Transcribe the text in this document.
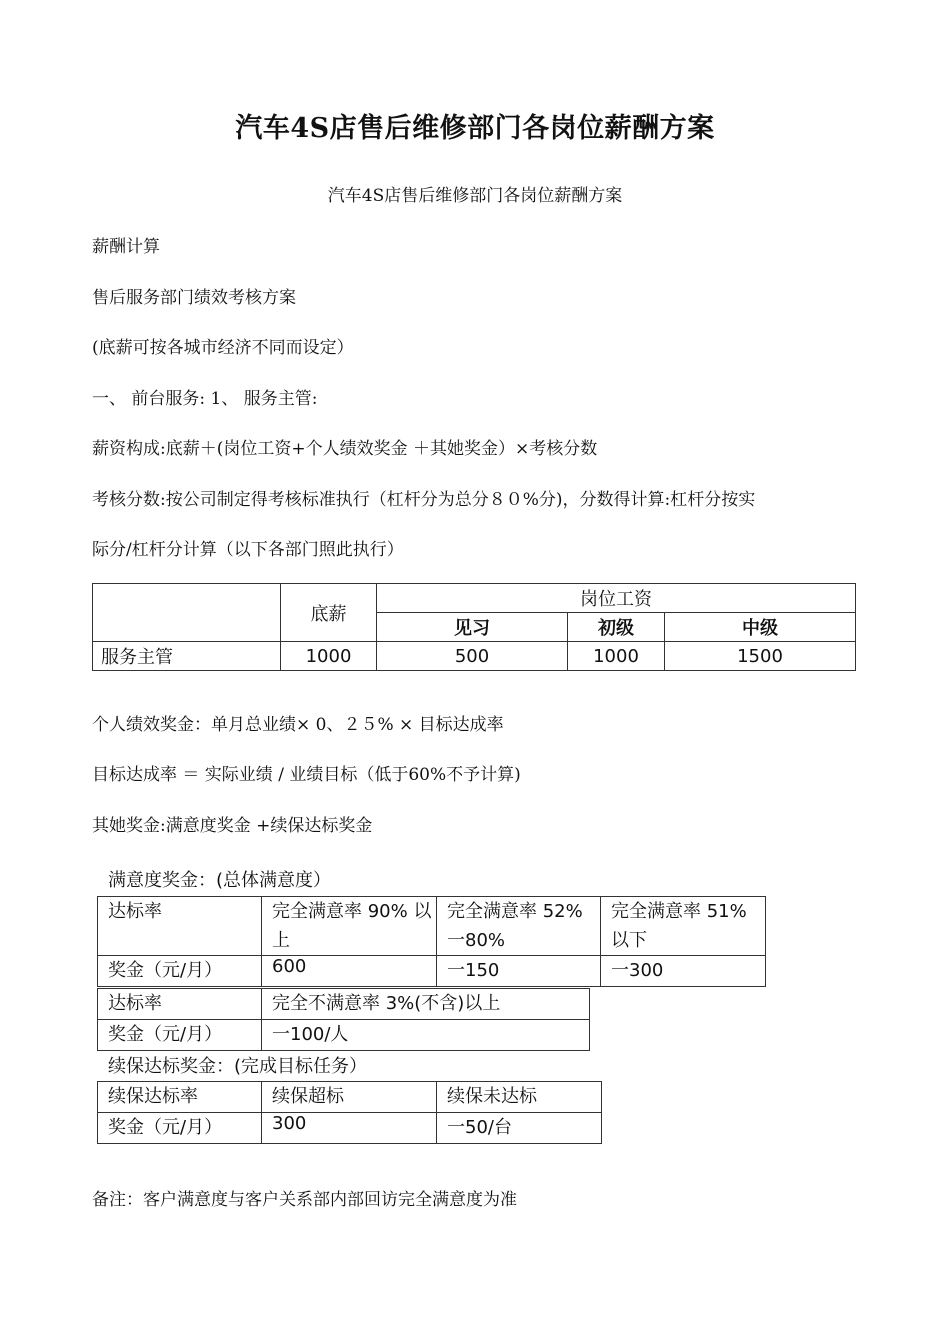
汽车4S店售后维修部门各岗位薪酬方案
汽车4S店售后维修部门各岗位薪酬方案
薪酬计算
售后服务部门绩效考核方案
(底薪可按各城市经济不同而设定）
一、 前台服务: 1、 服务主管:
薪资构成:底薪＋(岗位工资+个人绩效奖金 ＋其她奖金）×考核分数
考核分数:按公司制定得考核标准执行（杠杆分为总分８０%分)，分数得计算:杠杆分按实
际分/杠杆分计算（以下各部门照此执行）
	底薪	岗位工资		
		见习	初级	中级
服务主管	1000	500	1000	1500
个人绩效奖金：单月总业绩× 0、２５% × 目标达成率
目标达成率 ＝ 实际业绩 / 业绩目标（低于60%不予计算)
其她奖金:满意度奖金 +续保达标奖金
满意度奖金：(总体满意度）
达标率	完全满意率 90% 以上	完全满意率 52% 一80%	完全满意率 51% 以下
奖金（元/月）	600	一150	一300
达标率	完全不满意率 3%(不含)以上
奖金（元/月）	一100/人
续保达标奖金：(完成目标任务）
续保达标率	续保超标	续保未达标
奖金（元/月）	300	一50/台
备注：客户满意度与客户关系部内部回访完全满意度为准
